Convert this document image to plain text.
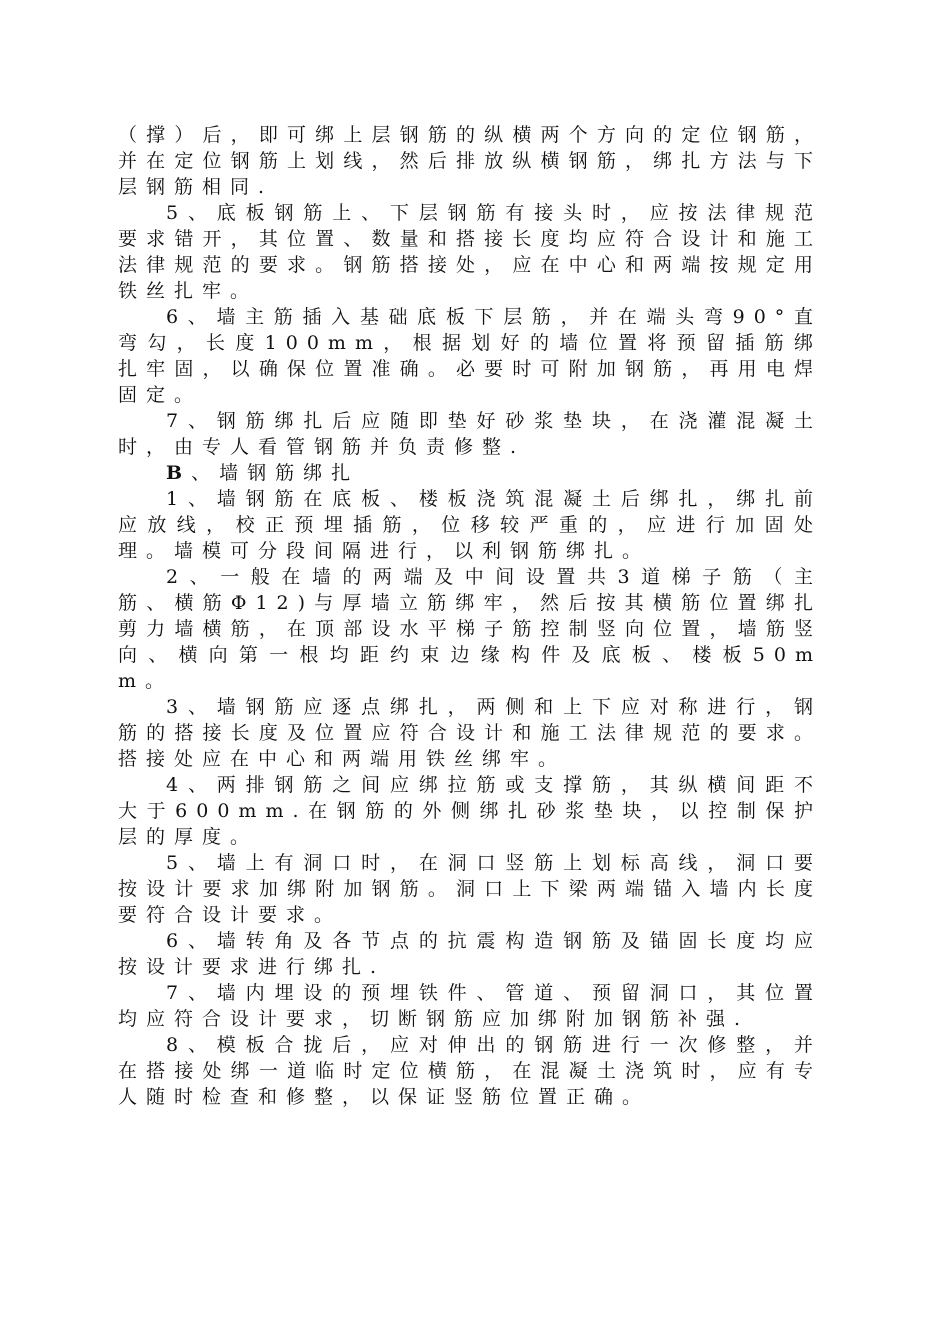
（撑）后，即可绑上层钢筋的纵横两个方向的定位钢筋，并在定位钢筋上划线，然后排放纵横钢筋，绑扎方法与下层钢筋相同.

5、底板钢筋上、下层钢筋有接头时，应按法律规范要求错开，其位置、数量和搭接长度均应符合设计和施工法律规范的要求。钢筋搭接处，应在中心和两端按规定用铁丝扎牢。

6、墙主筋插入基础底板下层筋，并在端头弯90°直弯勾，长度100mm，根据划好的墙位置将预留插筋绑扎牢固，以确保位置准确。必要时可附加钢筋，再用电焊固定。

7、钢筋绑扎后应随即垫好砂浆垫块，在浇灌混凝土时，由专人看管钢筋并负责修整.

B、墙钢筋绑扎

1、墙钢筋在底板、楼板浇筑混凝土后绑扎，绑扎前应放线，校正预埋插筋，位移较严重的，应进行加固处理。墙模可分段间隔进行，以利钢筋绑扎。

2、一般在墙的两端及中间设置共3道梯子筋（主筋、横筋Φ12)与厚墙立筋绑牢，然后按其横筋位置绑扎剪力墙横筋，在顶部设水平梯子筋控制竖向位置，墙筋竖向、横向第一根均距约束边缘构件及底板、楼板50mm。

3、墙钢筋应逐点绑扎，两侧和上下应对称进行，钢筋的搭接长度及位置应符合设计和施工法律规范的要求。搭接处应在中心和两端用铁丝绑牢。

4、两排钢筋之间应绑拉筋或支撑筋，其纵横间距不大于600mm.在钢筋的外侧绑扎砂浆垫块，以控制保护层的厚度。

5、墙上有洞口时，在洞口竖筋上划标高线，洞口要按设计要求加绑附加钢筋。洞口上下梁两端锚入墙内长度要符合设计要求。

6、墙转角及各节点的抗震构造钢筋及锚固长度均应按设计要求进行绑扎.

7、墙内埋设的预埋铁件、管道、预留洞口，其位置均应符合设计要求，切断钢筋应加绑附加钢筋补强.

8、模板合拢后，应对伸出的钢筋进行一次修整，并在搭接处绑一道临时定位横筋，在混凝土浇筑时，应有专人随时检查和修整，以保证竖筋位置正确。
